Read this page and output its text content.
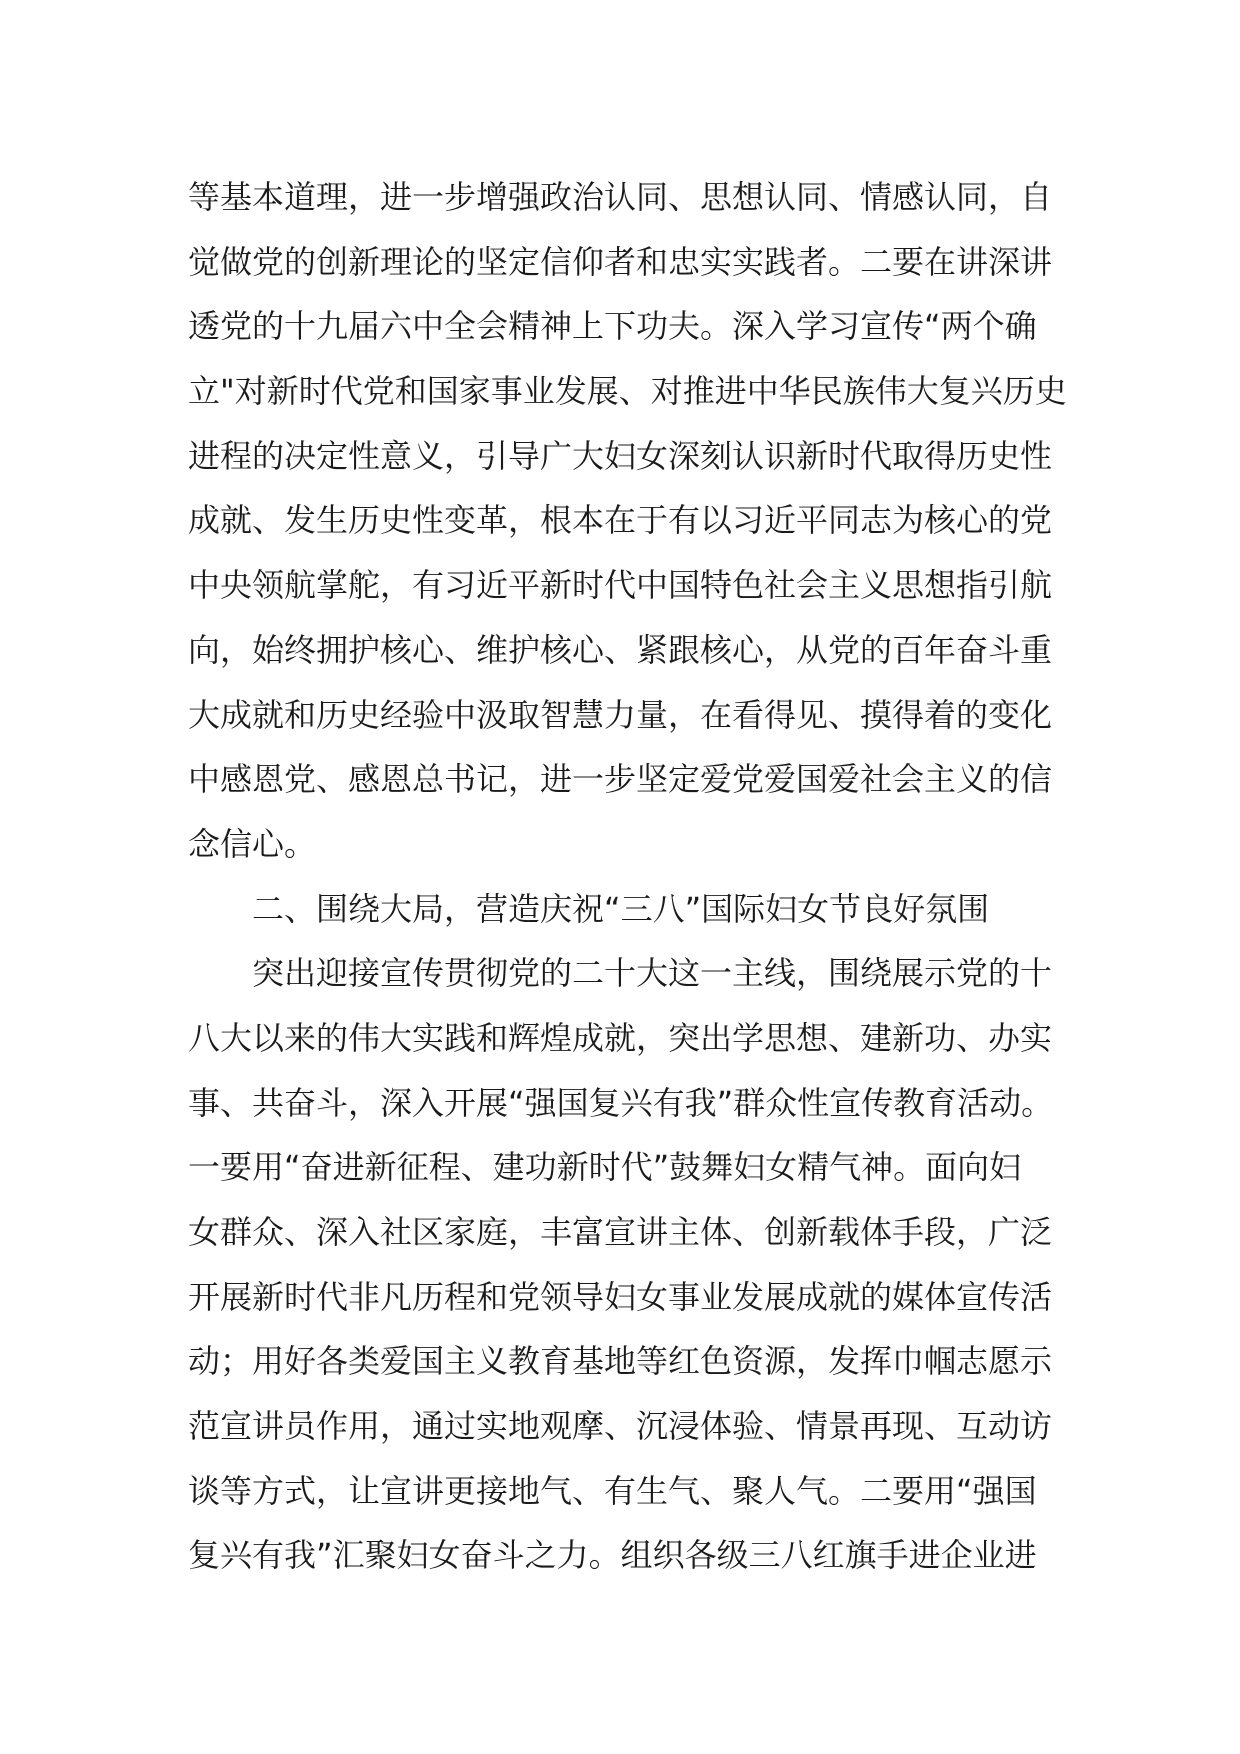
等基本道理，进一步增强政治认同、思想认同、情感认同，自
觉做党的创新理论的坚定信仰者和忠实实践者。二要在讲深讲
透党的十九届六中全会精神上下功夫。深入学习宣传“两个确
立"对新时代党和国家事业发展、对推进中华民族伟大复兴历史
进程的决定性意义，引导广大妇女深刻认识新时代取得历史性
成就、发生历史性变革，根本在于有以习近平同志为核心的党
中央领航掌舵，有习近平新时代中国特色社会主义思想指引航
向，始终拥护核心、维护核心、紧跟核心，从党的百年奋斗重
大成就和历史经验中汲取智慧力量，在看得见、摸得着的变化
中感恩党、感恩总书记，进一步坚定爱党爱国爱社会主义的信
念信心。
二、围绕大局，营造庆祝“三八”国际妇女节良好氛围
突出迎接宣传贯彻党的二十大这一主线，围绕展示党的十
八大以来的伟大实践和辉煌成就，突出学思想、建新功、办实
事、共奋斗，深入开展“强国复兴有我”群众性宣传教育活动。
一要用“奋进新征程、建功新时代”鼓舞妇女精气神。面向妇
女群众、深入社区家庭，丰富宣讲主体、创新载体手段，广泛
开展新时代非凡历程和党领导妇女事业发展成就的媒体宣传活
动；用好各类爱国主义教育基地等红色资源，发挥巾帼志愿示
范宣讲员作用，通过实地观摩、沉浸体验、情景再现、互动访
谈等方式，让宣讲更接地气、有生气、聚人气。二要用“强国
复兴有我”汇聚妇女奋斗之力。组织各级三八红旗手进企业进
